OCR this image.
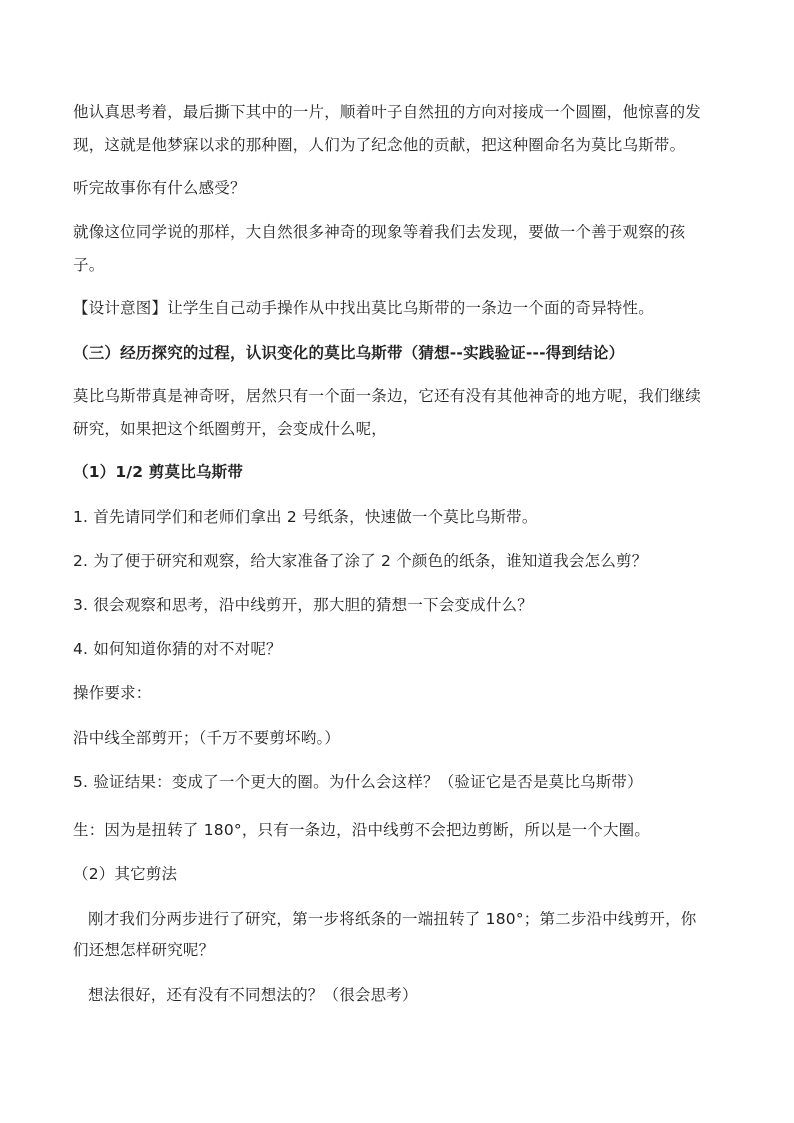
他认真思考着，最后撕下其中的一片，顺着叶子自然扭的方向对接成一个圆圈，他惊喜的发
现，这就是他梦寐以求的那种圈，人们为了纪念他的贡献，把这种圈命名为莫比乌斯带。
听完故事你有什么感受？
就像这位同学说的那样，大自然很多神奇的现象等着我们去发现，要做一个善于观察的孩
子。
【设计意图】让学生自己动手操作从中找出莫比乌斯带的一条边一个面的奇异特性。
（三）经历探究的过程，认识变化的莫比乌斯带（猜想--实践验证---得到结论）
莫比乌斯带真是神奇呀，居然只有一个面一条边，它还有没有其他神奇的地方呢，我们继续
研究，如果把这个纸圈剪开，会变成什么呢，
（1）1/2 剪莫比乌斯带
1. 首先请同学们和老师们拿出 2 号纸条，快速做一个莫比乌斯带。
2. 为了便于研究和观察，给大家准备了涂了 2 个颜色的纸条，谁知道我会怎么剪？
3. 很会观察和思考，沿中线剪开，那大胆的猜想一下会变成什么？
4. 如何知道你猜的对不对呢？
操作要求：
沿中线全部剪开；（千万不要剪坏哟。）
5. 验证结果：变成了一个更大的圈。为什么会这样？（验证它是否是莫比乌斯带）
生：因为是扭转了 180°，只有一条边，沿中线剪不会把边剪断，所以是一个大圈。
（2）其它剪法
刚才我们分两步进行了研究，第一步将纸条的一端扭转了 180°；第二步沿中线剪开，你
们还想怎样研究呢？
想法很好，还有没有不同想法的？（很会思考）
